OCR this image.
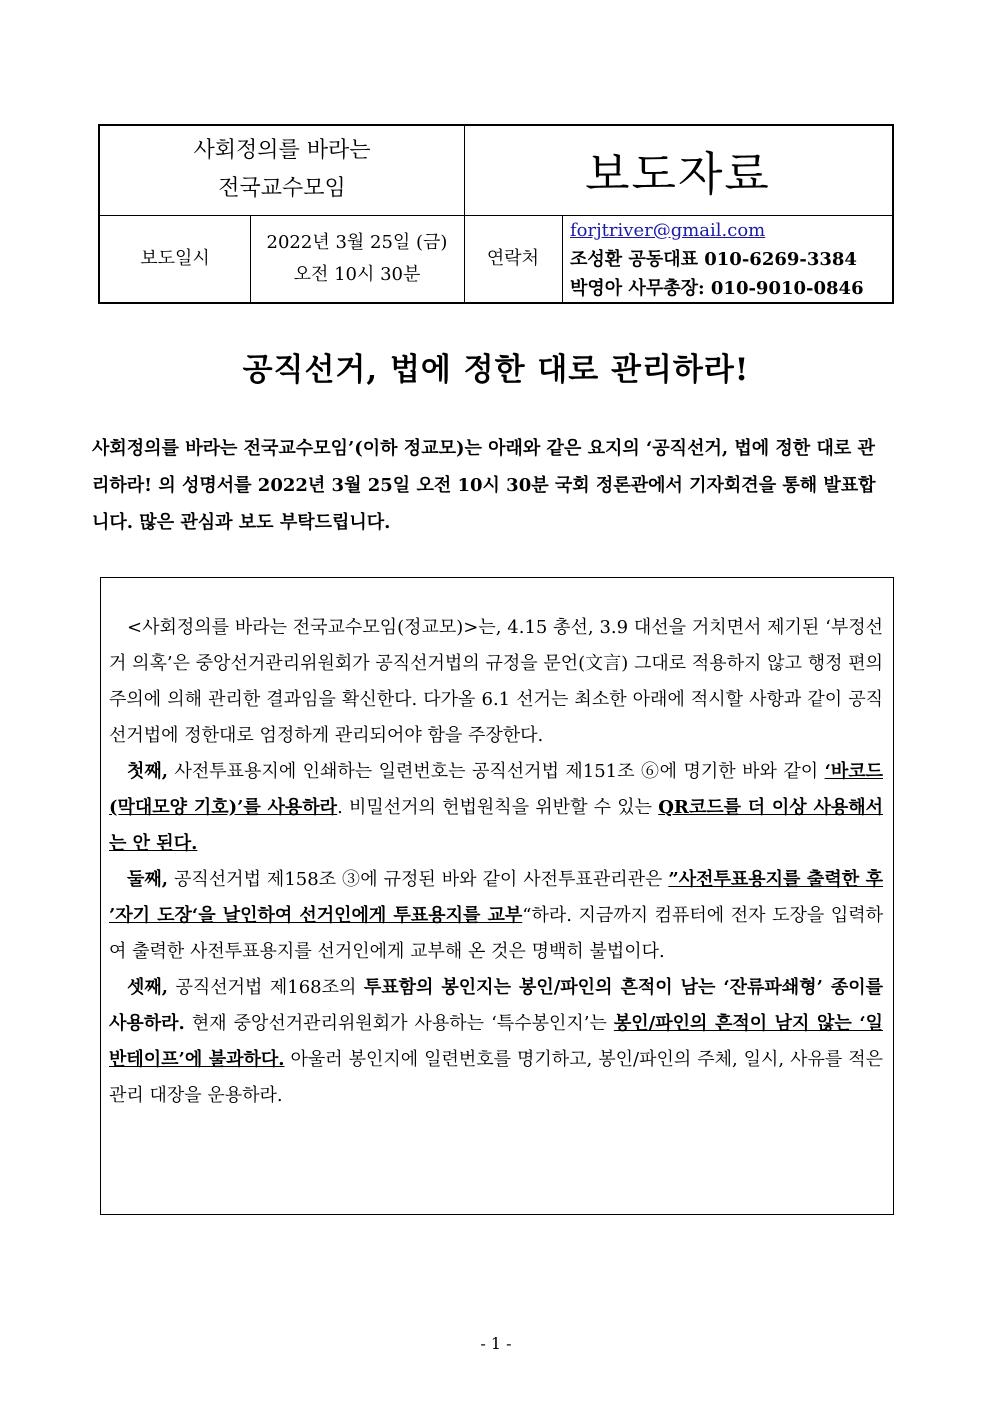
사회정의를 바라는
전국교수모임	보도자료
보도일시
2022년 3월 25일 (금)
오전 10시 30분
연락처
forjtriver@gmail.com
조성환 공동대표 010-6269-3384
박영아 사무총장: 010-9010-0846
공직선거, 법에 정한 대로 관리하라!
사회정의를 바라는 전국교수모임’(이하 정교모)는 아래와 같은 요지의 ‘공직선거, 법에 정한 대로 관리하라! 의 성명서를 2022년 3월 25일 오전 10시 30분 국회 정론관에서 기자회견을 통해 발표합니다. 많은 관심과 보도 부탁드립니다.

<사회정의를 바라는 전국교수모임(정교모)>는, 4.15 총선, 3.9 대선을 거치면서 제기된 ‘부정선거 의혹’은 중앙선거관리위원회가 공직선거법의 규정을 문언(文言) 그대로 적용하지 않고 행정 편의주의에 의해 관리한 결과임을 확신한다. 다가올 6.1 선거는 최소한 아래에 적시할 사항과 같이 공직선거법에 정한대로 엄정하게 관리되어야 함을 주장한다.

첫째, 사전투표용지에 인쇄하는 일련번호는 공직선거법 제151조 ⑥에 명기한 바와 같이 ‘바코드(막대모양 기호)’를 사용하라. 비밀선거의 헌법원칙을 위반할 수 있는 QR코드를 더 이상 사용해서는 안 된다.

둘째, 공직선거법 제158조 ③에 규정된 바와 같이 사전투표관리관은 ”사전투표용지를 출력한 후 ’자기 도장‘을 날인하여 선거인에게 투표용지를 교부“하라. 지금까지 컴퓨터에 전자 도장을 입력하여 출력한 사전투표용지를 선거인에게 교부해 온 것은 명백히 불법이다.

셋째, 공직선거법 제168조의 투표함의 봉인지는 봉인/파인의 흔적이 남는 ‘잔류파쇄형’ 종이를 사용하라. 현재 중앙선거관리위원회가 사용하는 ‘특수봉인지’는 봉인/파인의 흔적이 남지 않는 ‘일반테이프’에 불과하다. 아울러 봉인지에 일련번호를 명기하고, 봉인/파인의 주체, 일시, 사유를 적은 관리 대장을 운용하라.

- 1 -
